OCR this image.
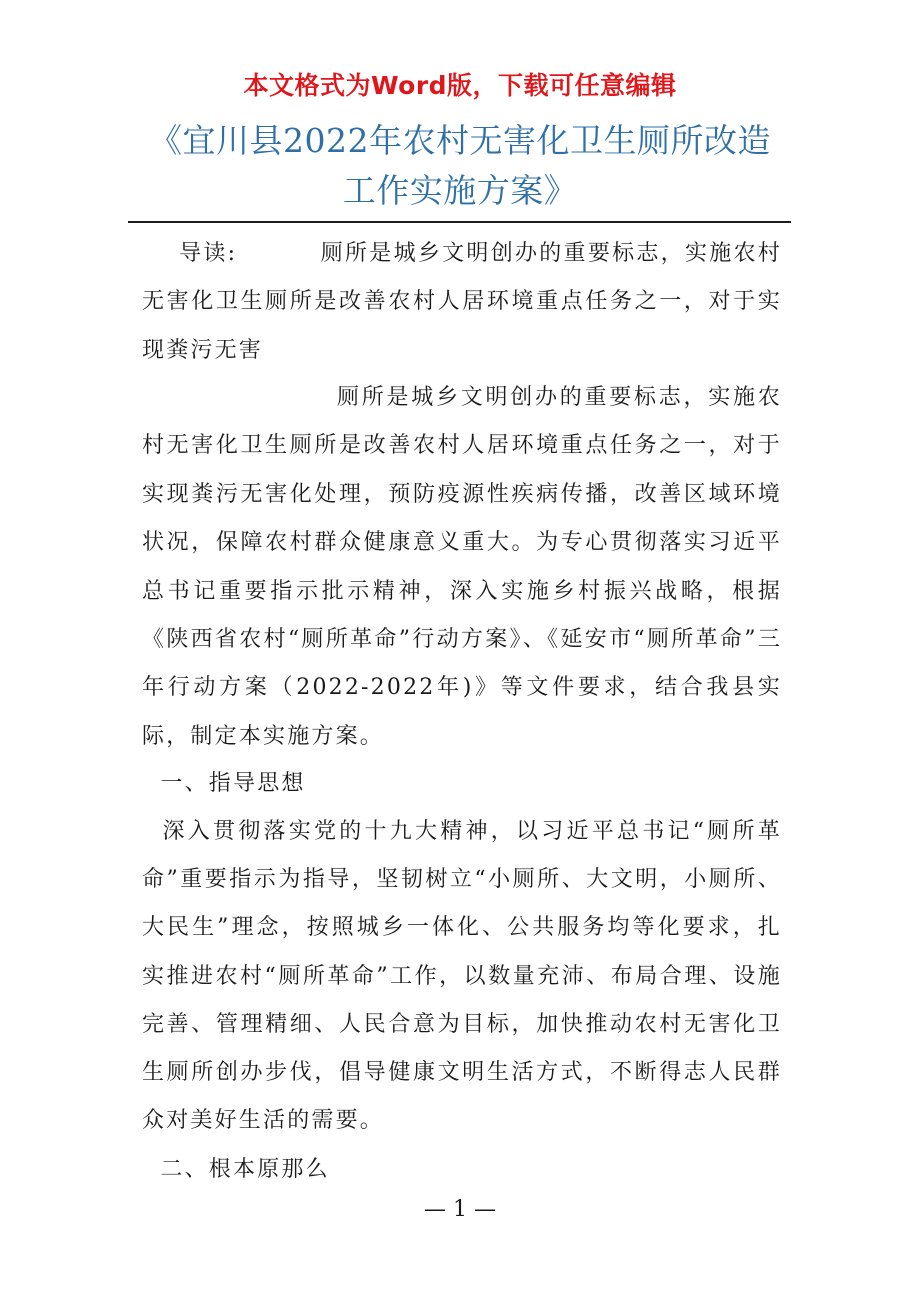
本文格式为Word版，下载可任意编辑
《宜川县2022年农村无害化卫生厕所改造
工作实施方案》
导读:         厕所是城乡文明创办的重要标志，实施农村无害化卫生厕所是改善农村人居环境重点任务之一，对于实现粪污无害
厕所是城乡文明创办的重要标志，实施农村无害化卫生厕所是改善农村人居环境重点任务之一，对于实现粪污无害化处理，预防疫源性疾病传播，改善区域环境状况，保障农村群众健康意义重大。为专心贯彻落实习近平总书记重要指示批示精神，深入实施乡村振兴战略，根据《陕西省农村“厕所革命”行动方案》、《延安市“厕所革命”三年行动方案（2022-2022年)》等文件要求，结合我县实际，制定本实施方案。
一、指导思想
深入贯彻落实党的十九大精神，以习近平总书记“厕所革命”重要指示为指导，坚韧树立“小厕所、大文明，小厕所、大民生”理念，按照城乡一体化、公共服务均等化要求，扎实推进农村“厕所革命”工作，以数量充沛、布局合理、设施完善、管理精细、人民合意为目标，加快推动农村无害化卫生厕所创办步伐，倡导健康文明生活方式，不断得志人民群众对美好生活的需要。
二、根本原那么
— 1 —
